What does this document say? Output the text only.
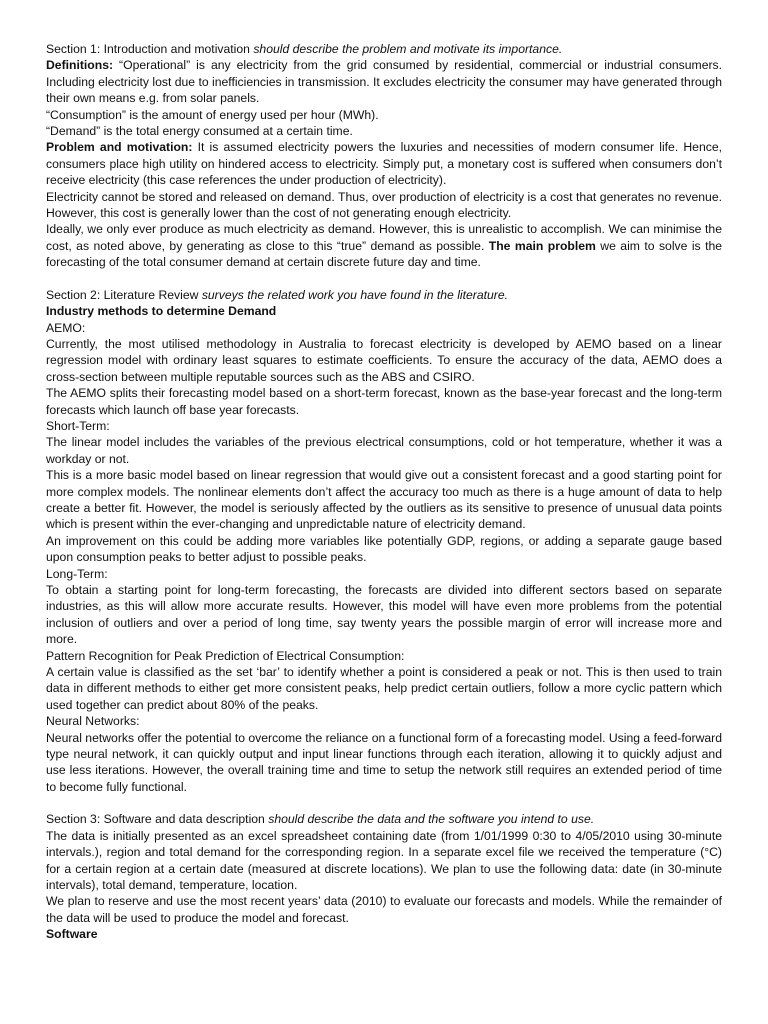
Section 1: Introduction and motivation should describe the problem and motivate its importance.

Definitions: “Operational” is any electricity from the grid consumed by residential, commercial or industrial consumers. Including electricity lost due to inefficiencies in transmission. It excludes electricity the consumer may have generated through their own means e.g. from solar panels.

“Consumption” is the amount of energy used per hour (MWh).

“Demand” is the total energy consumed at a certain time.

Problem and motivation: It is assumed electricity powers the luxuries and necessities of modern consumer life. Hence, consumers place high utility on hindered access to electricity. Simply put, a monetary cost is suffered when consumers don’t receive electricity (this case references the under production of electricity).

Electricity cannot be stored and released on demand. Thus, over production of electricity is a cost that generates no revenue. However, this cost is generally lower than the cost of not generating enough electricity.

Ideally, we only ever produce as much electricity as demand. However, this is unrealistic to accomplish. We can minimise the cost, as noted above, by generating as close to this “true” demand as possible. The main problem we aim to solve is the forecasting of the total consumer demand at certain discrete future day and time.

Section 2: Literature Review surveys the related work you have found in the literature.

Industry methods to determine Demand

AEMO:

Currently, the most utilised methodology in Australia to forecast electricity is developed by AEMO based on a linear regression model with ordinary least squares to estimate coefficients. To ensure the accuracy of the data, AEMO does a cross-section between multiple reputable sources such as the ABS and CSIRO.

The AEMO splits their forecasting model based on a short-term forecast, known as the base-year forecast and the long-term forecasts which launch off base year forecasts.

Short-Term:

The linear model includes the variables of the previous electrical consumptions, cold or hot temperature, whether it was a workday or not.

This is a more basic model based on linear regression that would give out a consistent forecast and a good starting point for more complex models. The nonlinear elements don’t affect the accuracy too much as there is a huge amount of data to help create a better fit. However, the model is seriously affected by the outliers as its sensitive to presence of unusual data points which is present within the ever-changing and unpredictable nature of electricity demand.

An improvement on this could be adding more variables like potentially GDP, regions, or adding a separate gauge based upon consumption peaks to better adjust to possible peaks.

Long-Term:

To obtain a starting point for long-term forecasting, the forecasts are divided into different sectors based on separate industries, as this will allow more accurate results. However, this model will have even more problems from the potential inclusion of outliers and over a period of long time, say twenty years the possible margin of error will increase more and more.

Pattern Recognition for Peak Prediction of Electrical Consumption:

A certain value is classified as the set ‘bar’ to identify whether a point is considered a peak or not. This is then used to train data in different methods to either get more consistent peaks, help predict certain outliers, follow a more cyclic pattern which used together can predict about 80% of the peaks.

Neural Networks:

Neural networks offer the potential to overcome the reliance on a functional form of a forecasting model. Using a feed-forward type neural network, it can quickly output and input linear functions through each iteration, allowing it to quickly adjust and use less iterations. However, the overall training time and time to setup the network still requires an extended period of time to become fully functional.

Section 3: Software and data description should describe the data and the software you intend to use.

The data is initially presented as an excel spreadsheet containing date (from 1/01/1999 0:30 to 4/05/2010 using 30-minute intervals.), region and total demand for the corresponding region. In a separate excel file we received the temperature (°C) for a certain region at a certain date (measured at discrete locations). We plan to use the following data: date (in 30-minute intervals), total demand, temperature, location.

We plan to reserve and use the most recent years’ data (2010) to evaluate our forecasts and models. While the remainder of the data will be used to produce the model and forecast.

Software
